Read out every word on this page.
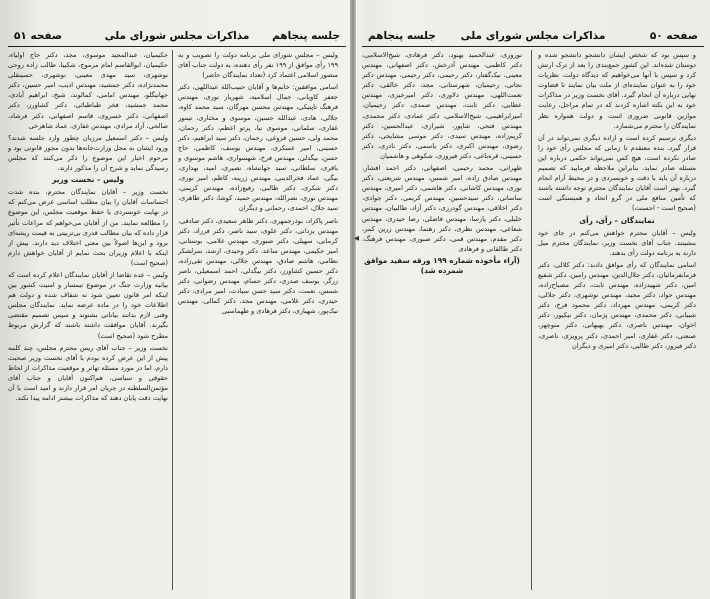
صفحه ۵۱	مذاکرات مجلس شورای ملی جلسه پنجاهم

حکیمیان، عبدالمجید موسوی، مجد، دکتر حاج اولیاء، حکیمیان، ابوالقاسم امام مرموج، شکیبا، طالب زاده روحی بوشهری، سید مهدی معینی، نوشهری، حسینقلی محمدنژاده، دکتر جمشید، مهندس ادیب، امیر حسین، دکتر جهانبگلو، مهندس امامی، کمالوند، شیخ، ابراهیم آبادی، محمد جمشید، فخر طباطبائی، دکتر کشاورز، دکتر اصفهانی، دکتر خسروی، قاسم اصفهانی، دکتر فرشاد، صالحی، آزاد مرادی، مهندس غفاری، عماد شاهرخی

ولیس – دکتر اسمعیل مرزبان چطور وارد جلسه شدند؟ ورود ایشان به محل وزارت‌خانه‌ها بدون مجوز قانونی بود و مرحوم اخبار این موضوع را ذکر می‌کنند که مجلس رسیدگی نماید و شرح آن را مذکور دارند.

ولیس – نخست وزیر

نخست وزیر – آقایان نمایندگان محترم، بنده شدت احساسات آقایان را بیان مطلب اساسی عرض می‌کنم که در نهایت خونسردی با حفظ موقعیت مجلس، این موضوع را مطالعه نمایند. من از آقایان می‌خواهم که مراعات تأثیر قرار داده که بیان مطالب قدری بی‌تربیتی به قیمت ریشه‌ای برود و این‌ها اصولاً بین معنی اختلاف دید دارند. بیش از اینکه با اعلام وزیران بحث نمایم از آقایان خواهش دارم (صحیح است)

ولیس – عده تقاضا از آقایان نمایندگان اعلام کرده است که بیانیه وزارت جنگ در موضوع تیمسار و امنیت کشور بین اینکه امر قانون تعیین شود نه شفاف شده و دولت هم اطلاعات خود را در ماده عرضه نماید. نمایندگان مجلس وقتی لازم بدانند بیاناتی بشنوند و سپس تصمیم مقتضی بگیرند. آقایان موافقت داشته باشند که گزارش مربوط مطرح شود (صحیح است)

نخست وزیر – جناب آقای ریس محترم مجلس، چند کلمه پیش از این عرض کرده بودم با آقای نخست وزیر صحبت دارم، اما در مورد مسئله تهاتر و موقعیت مذاکرات از لحاظ حقوقی و سیاسی، هم‌اکنون آقایان و جناب آقای مؤتمن‌السلطنه در جریان امر قرار دارند و امید است با آن نهایت دقت پایان دهند که مذاکرات بیشتر ادامه پیدا نکند.

ولیس – مجلس شورای ملی برنامه دولت را تصویب و به ۱۹۹ رأی موافق از ۱۹۹ نفر رأی دهنده، به دولت جناب آقای منصور اسلامی اعتماد کرد (تعداد نمایندگان حاضر)

اسامی موافقین: خانم‌ها و آقایان حبیب‌الله عبداللهی، دکتر جعفر کاویانی، جمال اسلامیه، شهریار نوری، مهندس فرهنگ تاپتیکی، مهندس محسن مهرگان، سید محمد کاوه، جلالی، هادی، عبدالله حسین، موسوی و مختاری، تیمور غفاری، سلمانی، موسوی نیا، پرتو اعظم، دکتر رحمان، محمد ولی، حسین فروغی، رحمان، دکتر سید ابراهیم، دکتر حسینی، امیر عسکری، مهندس یوسف، کاظمی، حاج حسن، بیگدلی، مهندس فرخ، شهسواری، هاشم موسوی و باقری، سلطانی، سید جهانشاه، نصیری، امید، بهداری، بیگی، عماد فخرالدینی، مهندس زرینه، کاظم، امیر نوری، دکتر شکری، دکتر طالبی، رفیع‌زاده، مهندس کریمی، مهندس نوری، نصرالله، مهندس حمید، کوشا، دکتر طاهری، سید جلال، احمدی، رحمانی و دیگران

ناصر پاکزاد، بوذرجمهری، دکتر طاهر سعیدی، دکتر صادقی، مهندس یزدانی، دکتر علوی، سید ناصر، دکتر فرزاد، دکتر کرمانی، سهیلی، دکتر صبوری، مهندس غلامی، بوستانی، امیر حکیمی، مهندس ساعد، دکتر وحیدی، ارشد، سرلشکر نظامی، هاشم صادق، مهندس جلالی، مهندس تقی‌زاده، دکتر حسین کشاورز، دکتر بیگدلی، احمد اسمعیلی، ناصر زرگر، یوسف صدری، دکتر حسام، مهندس رضوانی، دکتر شمس، نعمت، دکتر سید حسن سیادت، امیر مرادی، دکتر حیدری، دکتر غلامی، مهندس مجد، دکتر کمالی، مهندس نیک‌پور، شهبازی، دکتر فرهادی و طهماسبی

◂
جلسه پنجاهم مذاکرات مجلس شورای ملی	صفحه ۵۰

نوروزی، عبدالحمید بهنود، دکتر فرهادی، شیخ‌الاسلامی، دکتر کاظمی، مهندس آذرخش، دکتر اصفهانی، مهندس معینی، نیک‌گفتار، دکتر رحیمی، دکتر رحیمی، مهندس دکتر نجاتی، رحیمیان، شهرستانی، مجد، دکتر خالقی، دکتر نعمت‌اللهی، مهندس دلاوری، دکتر امیرخیزی، مهندس عطایی، دکتر ثابت، مهندس صمدی، دکتر رحیمیان، امیرابراهیمی، شیخ‌الاسلامی، دکتر عمادی، دکتر محمدی، مهندس فتحی، شاپور، شیرازی، عبدالحسین، دکتر کریم‌زاده، مهندس سیدی، دکتر موسی مشایخی، دکتر رضوی، مهندس اکبری، دکتر یاسمی، دکتر نادری، دکتر حسینی، قره‌باغی، دکتر فیروزی، شکوهی و هاشمیان

طهرانی، محمد رحیمی، اصفهانی، دکتر احمد افشار، مهندس صادق زاده، امیر شمس، مهندس شریعتی، دکتر نوری، مهندس کاشانی، دکتر هاشمی، دکتر امیری، مهندس ساسانی، دکتر سیدحسین، مهندس کریمی، دکتر جوادی، دکتر اخلاقی، مهندس گودرزی، دکتر آزاد، طالبیان، مهندس خلیلی، دکتر پارسا، مهندس فاضلی، رضا حیدری، مهندس شعاعی، مهندس نظری، دکتر رهنما، مهندس زرین کمر، دکتر مقدم، مهندس قمی، دکتر صبوری، مهندس فرهنگ، دکتر طالقانی و فرهادی

(آراء مأخوذه شماره ۱۹۹ ورقه سفید موافق شمرده شد)

و سپس بود که شخص ایشان دانشجو دانشجو شده و دوستان شده‌اند. این کشور جمع‌بندی را بعد از ترک ارتش کرد و سپس با آنها می‌خواهیم که دیدگاه دولت، نظریات خود را به عنوان نماینده‌ای از ملت بیان نمایند تا قضاوت نهایی درباره آن انجام گیرد. آقای نخست وزیر در مذاکرات خود به این نکته اشاره کردند که در تمام مراحل، رعایت موازین قانونی ضروری است و دولت همواره نظر نمایندگان را محترم می‌شمارد.

دیگری ترسیم کرده است و اراده دیگری نمی‌تواند در آن قرار گیرد. بنده معتقدم تا زمانی که مجلس رأی خود را صادر نکرده است، هیچ کس نمی‌تواند حکمی درباره این مسئله صادر نماید. بنابراین ملاحظه فرمایید که تصمیم درباره آن باید با دقت و خونسردی و در محیط آرام انجام گیرد. بهتر است آقایان نمایندگان محترم توجه داشته باشند که تأمین منافع ملی در گرو اتحاد و همبستگی است (صحیح است - احسنت)

نمایندگان – رأی، رأی

ولیس – آقایان محترم خواهش می‌کنم در جای خود بنشینند. جناب آقای نخست وزیر، نمایندگان محترم میل دارند به برنامه دولت رأی بدهند.

اسامی نمایندگان که رأی موافق دادند: دکتر کلالی، دکتر فرمانفرمائیان، دکتر جلال‌الدین، مهندس رامین، دکتر شفیع امین، دکتر شهیدزاده، مهندس ثابت، دکتر مصباح‌زاده، مهندس جواد، دکتر مجید، مهندس نوشهری، دکتر جلالی، دکتر کریمی، مهندس مهرداد، دکتر محمود فرخ، دکتر شیبانی، دکتر محمدی، مهندس پژمان، دکتر نیکپور، دکتر اخوان، مهندس ناصری، دکتر بهبهانی، دکتر منوچهر، صنعتی، دکتر غفاری، امیر احمدی، دکتر پرویزی، ناصری، دکتر فیروز، دکتر طالبی، دکتر امیری و دیگران
